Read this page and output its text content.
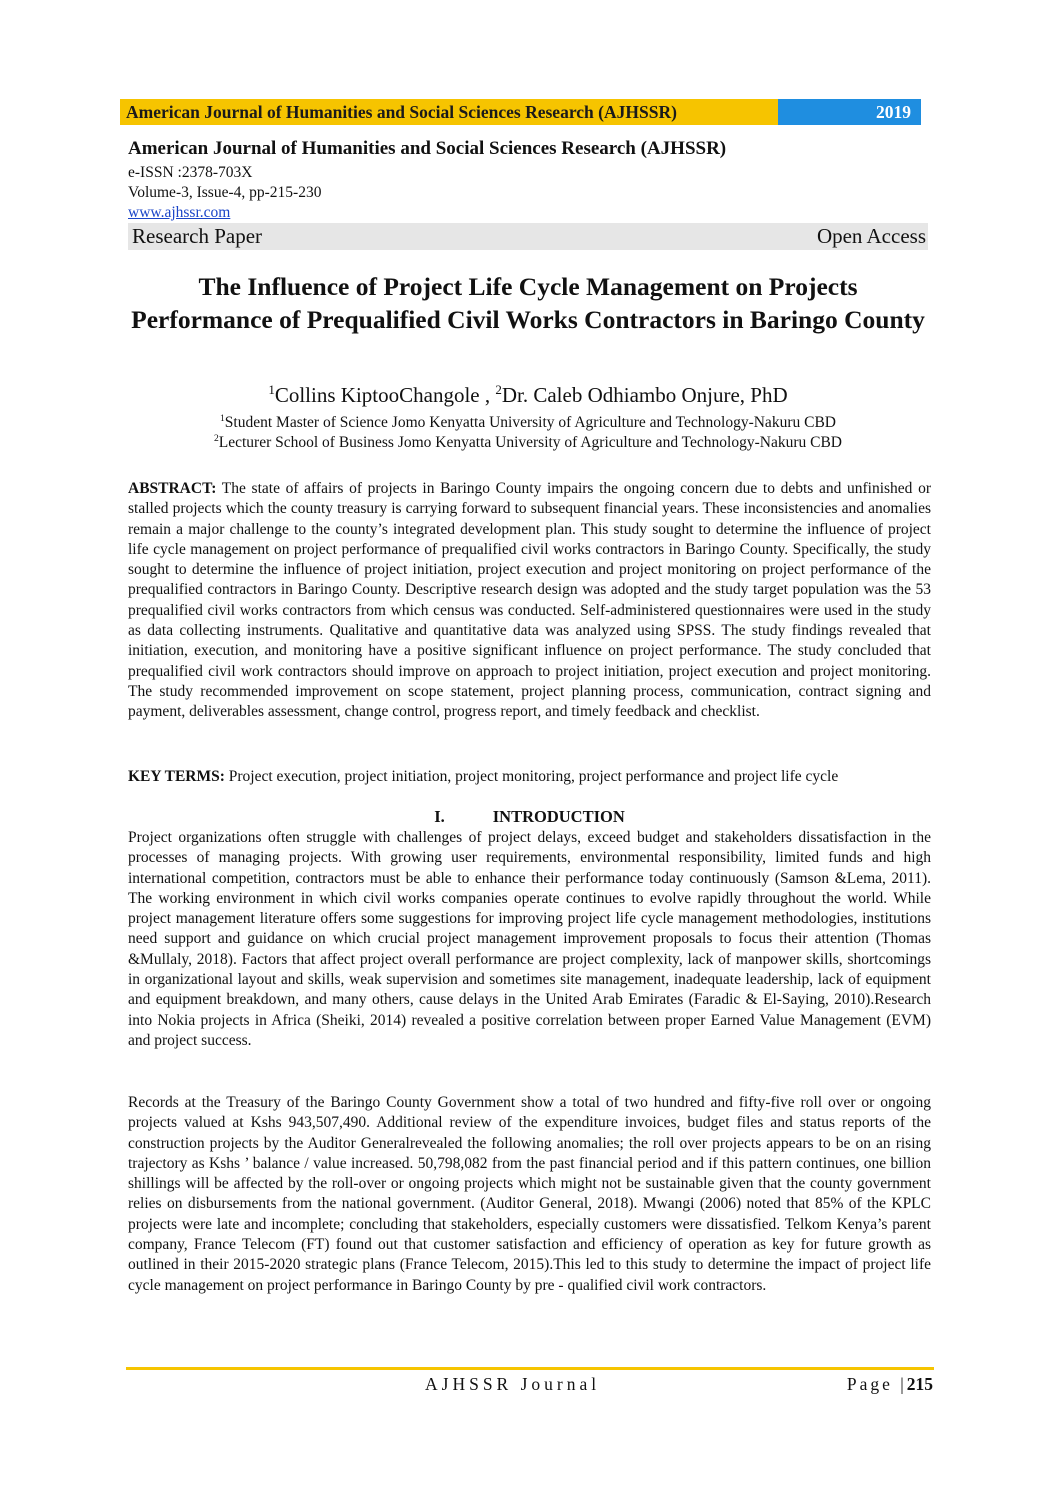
American Journal of Humanities and Social Sciences Research (AJHSSR)	2019
American Journal of Humanities and Social Sciences Research (AJHSSR)
e-ISSN :2378-703X
Volume-3, Issue-4, pp-215-230
www.ajhssr.com
Research Paper	Open Access
The Influence of Project Life Cycle Management on Projects Performance of Prequalified Civil Works Contractors in Baringo County
$^1$Collins KiptooChangole , $^2$Dr. Caleb Odhiambo Onjure, PhD
$^1$Student Master of Science Jomo Kenyatta University of Agriculture and Technology-Nakuru CBD
$^2$Lecturer School of Business Jomo Kenyatta University of Agriculture and Technology-Nakuru CBD

ABSTRACT: The state of affairs of projects in Baringo County impairs the ongoing concern due to debts and unfinished or stalled projects which the county treasury is carrying forward to subsequent financial years. These inconsistencies and anomalies remain a major challenge to the county’s integrated development plan. This study sought to determine the influence of project life cycle management on project performance of prequalified civil works contractors in Baringo County. Specifically, the study sought to determine the influence of project initiation, project execution and project monitoring on project performance of the prequalified contractors in Baringo County. Descriptive research design was adopted and the study target population was the 53 prequalified civil works contractors from which census was conducted. Self-administered questionnaires were used in the study as data collecting instruments. Qualitative and quantitative data was analyzed using SPSS. The study findings revealed that initiation, execution, and monitoring have a positive significant influence on project performance. The study concluded that prequalified civil work contractors should improve on approach to project initiation, project execution and project monitoring. The study recommended improvement on scope statement, project planning process, communication, contract signing and payment, deliverables assessment, change control, progress report, and timely feedback and checklist.

KEY TERMS: Project execution, project initiation, project monitoring, project performance and project life cycle

I.	INTRODUCTION

Project organizations often struggle with challenges of project delays, exceed budget and stakeholders dissatisfaction in the processes of managing projects. With growing user requirements, environmental responsibility, limited funds and high international competition, contractors must be able to enhance their performance today continuously (Samson &Lema, 2011). The working environment in which civil works companies operate continues to evolve rapidly throughout the world. While project management literature offers some suggestions for improving project life cycle management methodologies, institutions need support and guidance on which crucial project management improvement proposals to focus their attention (Thomas &Mullaly, 2018). Factors that affect project overall performance are project complexity, lack of manpower skills, shortcomings in organizational layout and skills, weak supervision and sometimes site management, inadequate leadership, lack of equipment and equipment breakdown, and many others, cause delays in the United Arab Emirates (Faradic & El-Saying, 2010).Research into Nokia projects in Africa (Sheiki, 2014) revealed a positive correlation between proper Earned Value Management (EVM) and project success.

Records at the Treasury of the Baringo County Government show a total of two hundred and fifty-five roll over or ongoing projects valued at Kshs 943,507,490. Additional review of the expenditure invoices, budget files and status reports of the construction projects by the Auditor Generalrevealed the following anomalies; the roll over projects appears to be on an rising trajectory as Kshs ’ balance / value increased. 50,798,082 from the past financial period and if this pattern continues, one billion shillings will be affected by the roll-over or ongoing projects which might not be sustainable given that the county government relies on disbursements from the national government. (Auditor General, 2018). Mwangi (2006) noted that 85% of the KPLC projects were late and incomplete; concluding that stakeholders, especially customers were dissatisfied. Telkom Kenya’s parent company, France Telecom (FT) found out that customer satisfaction and efficiency of operation as key for future growth as outlined in their 2015-2020 strategic plans (France Telecom, 2015).This led to this study to determine the impact of project life cycle management on project performance in Baringo County by pre - qualified civil work contractors.

AJHSSR Journal	Page |215
